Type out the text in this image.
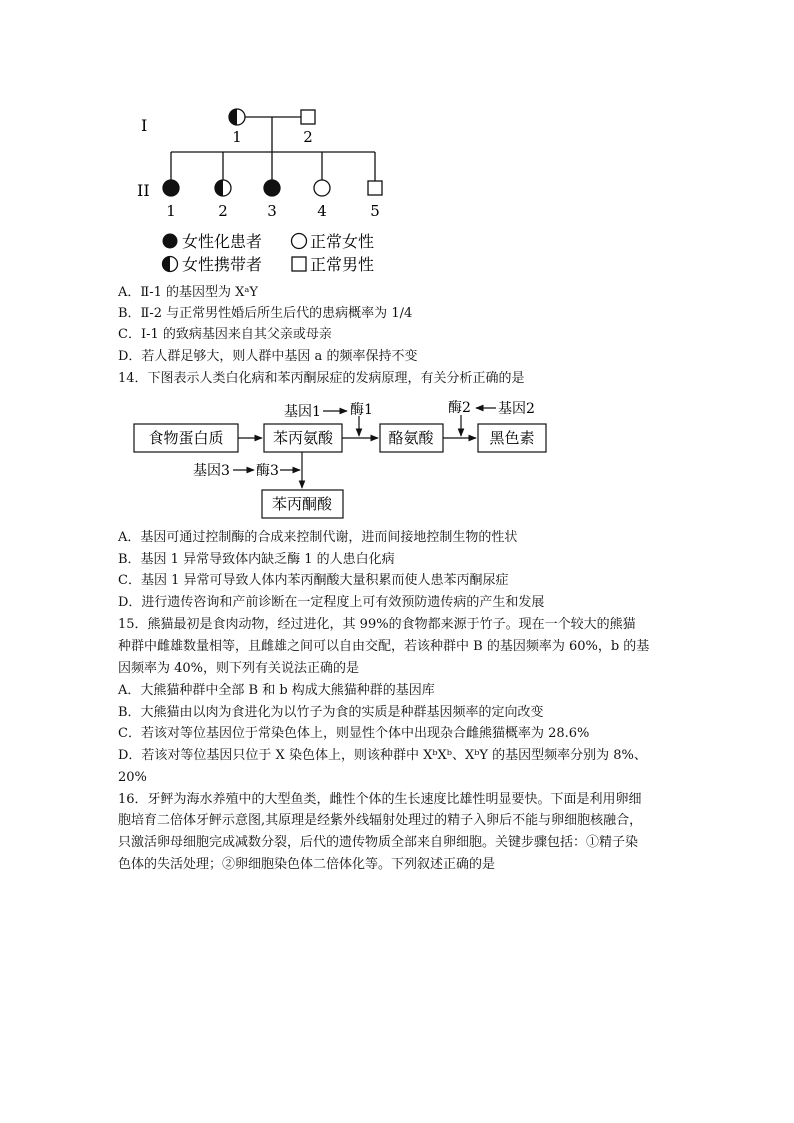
I
II
1	2
1	2	3	4	5
女性化患者	正常女性
女性携带者	正常男性
A．Ⅱ-1 的基因型为 XᵃY
B．Ⅱ-2 与正常男性婚后所生后代的患病概率为 1/4
C．I-1 的致病基因来自其父亲或母亲
D．若人群足够大，则人群中基因 a 的频率保持不变
14．下图表示人类白化病和苯丙酮尿症的发病原理，有关分析正确的是
食物蛋白质	苯丙氨酸	酪氨酸	黑色素
苯丙酮酸
基因1 酶1	酶2 基因2
基因3 酶3
A．基因可通过控制酶的合成来控制代谢，进而间接地控制生物的性状
B．基因 1 异常导致体内缺乏酶 1 的人患白化病
C．基因 1 异常可导致人体内苯丙酮酸大量积累而使人患苯丙酮尿症
D．进行遗传咨询和产前诊断在一定程度上可有效预防遗传病的产生和发展
15．熊猫最初是食肉动物，经过进化，其 99%的食物都来源于竹子。现在一个较大的熊猫
种群中雌雄数量相等，且雌雄之间可以自由交配，若该种群中 B 的基因频率为 60%，b 的基
因频率为 40%，则下列有关说法正确的是
A．大熊猫种群中全部 B 和 b 构成大熊猫种群的基因库
B．大熊猫由以肉为食进化为以竹子为食的实质是种群基因频率的定向改变
C．若该对等位基因位于常染色体上，则显性个体中出现杂合雌熊猫概率为 28.6%
D．若该对等位基因只位于 X 染色体上，则该种群中 XᵇXᵇ、XᵇY 的基因型频率分别为 8%、
20%
16．牙鲆为海水养殖中的大型鱼类，雌性个体的生长速度比雄性明显要快。下面是利用卵细
胞培育二倍体牙鲆示意图,其原理是经紫外线辐射处理过的精子入卵后不能与卵细胞核融合，
只激活卵母细胞完成减数分裂，后代的遗传物质全部来自卵细胞。关键步骤包括：①精子染
色体的失活处理；②卵细胞染色体二倍体化等。下列叙述正确的是
